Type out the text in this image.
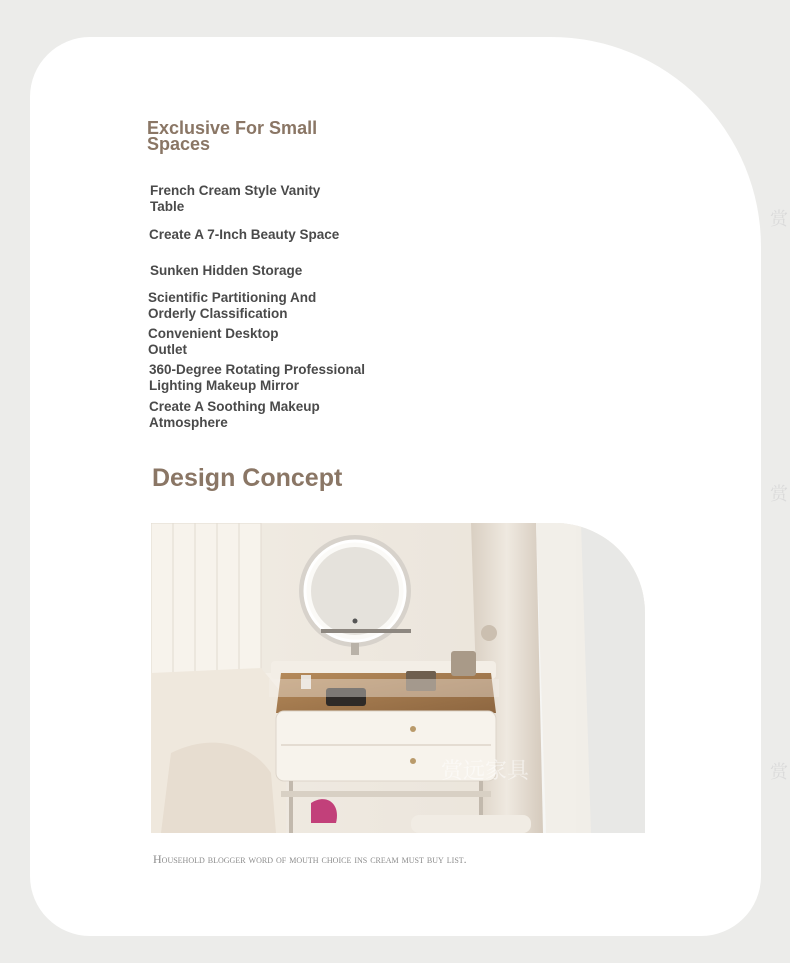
赏
赏
赏
Exclusive For Small Spaces

French Cream Style Vanity Table

Create A 7-Inch Beauty Space

Sunken Hidden Storage

Scientific Partitioning And Orderly Classification

Convenient Desktop Outlet

360-Degree Rotating Professional Lighting Makeup Mirror

Create A Soothing Makeup Atmosphere

Design Concept
赏远家具

Household blogger word of mouth choice ins cream must buy list.
